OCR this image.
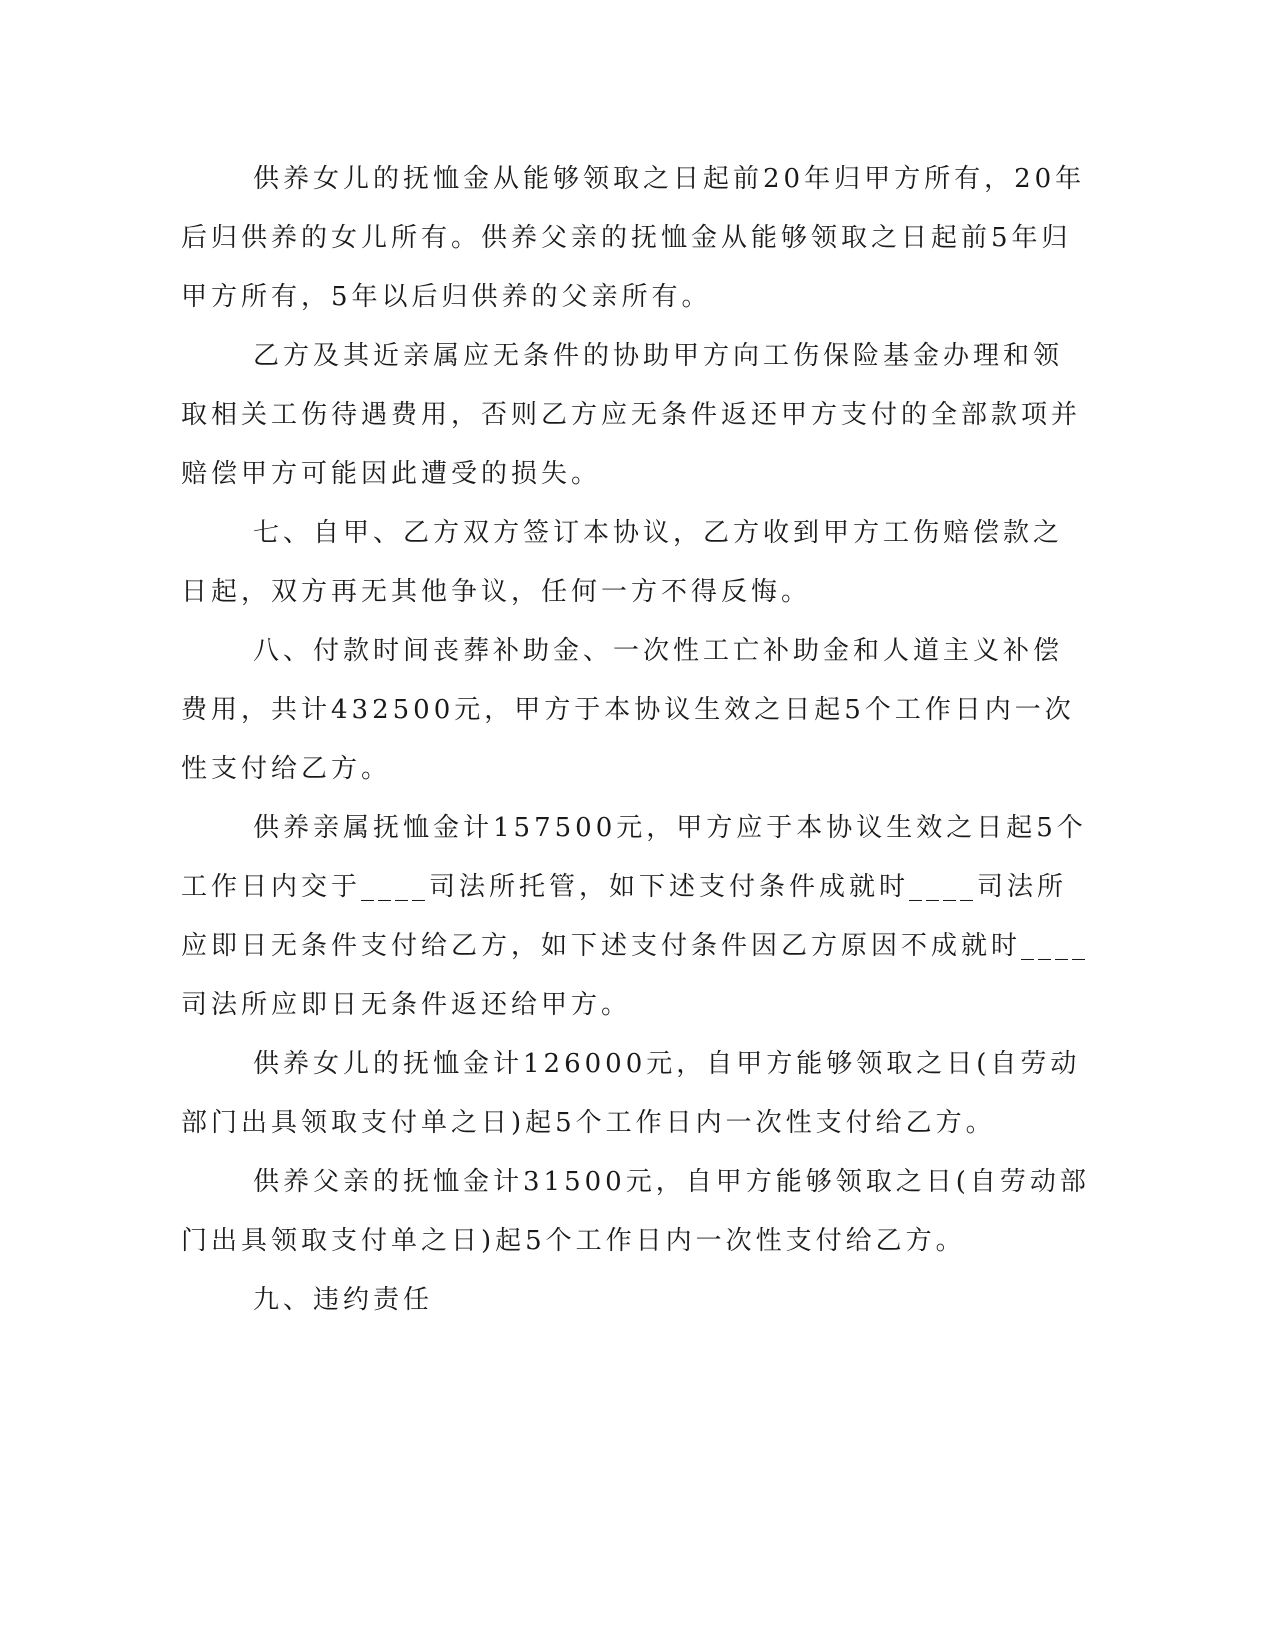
供养女儿的抚恤金从能够领取之日起前20年归甲方所有，20年后归供养的女儿所有。供养父亲的抚恤金从能够领取之日起前5年归甲方所有，5年以后归供养的父亲所有。

乙方及其近亲属应无条件的协助甲方向工伤保险基金办理和领取相关工伤待遇费用，否则乙方应无条件返还甲方支付的全部款项并赔偿甲方可能因此遭受的损失。

七、自甲、乙方双方签订本协议，乙方收到甲方工伤赔偿款之日起，双方再无其他争议，任何一方不得反悔。

八、付款时间丧葬补助金、一次性工亡补助金和人道主义补偿费用，共计432500元，甲方于本协议生效之日起5个工作日内一次性支付给乙方。

供养亲属抚恤金计157500元，甲方应于本协议生效之日起5个工作日内交于____司法所托管，如下述支付条件成就时____司法所应即日无条件支付给乙方，如下述支付条件因乙方原因不成就时____司法所应即日无条件返还给甲方。

供养女儿的抚恤金计126000元，自甲方能够领取之日(自劳动部门出具领取支付单之日)起5个工作日内一次性支付给乙方。

供养父亲的抚恤金计31500元，自甲方能够领取之日(自劳动部门出具领取支付单之日)起5个工作日内一次性支付给乙方。

九、违约责任
